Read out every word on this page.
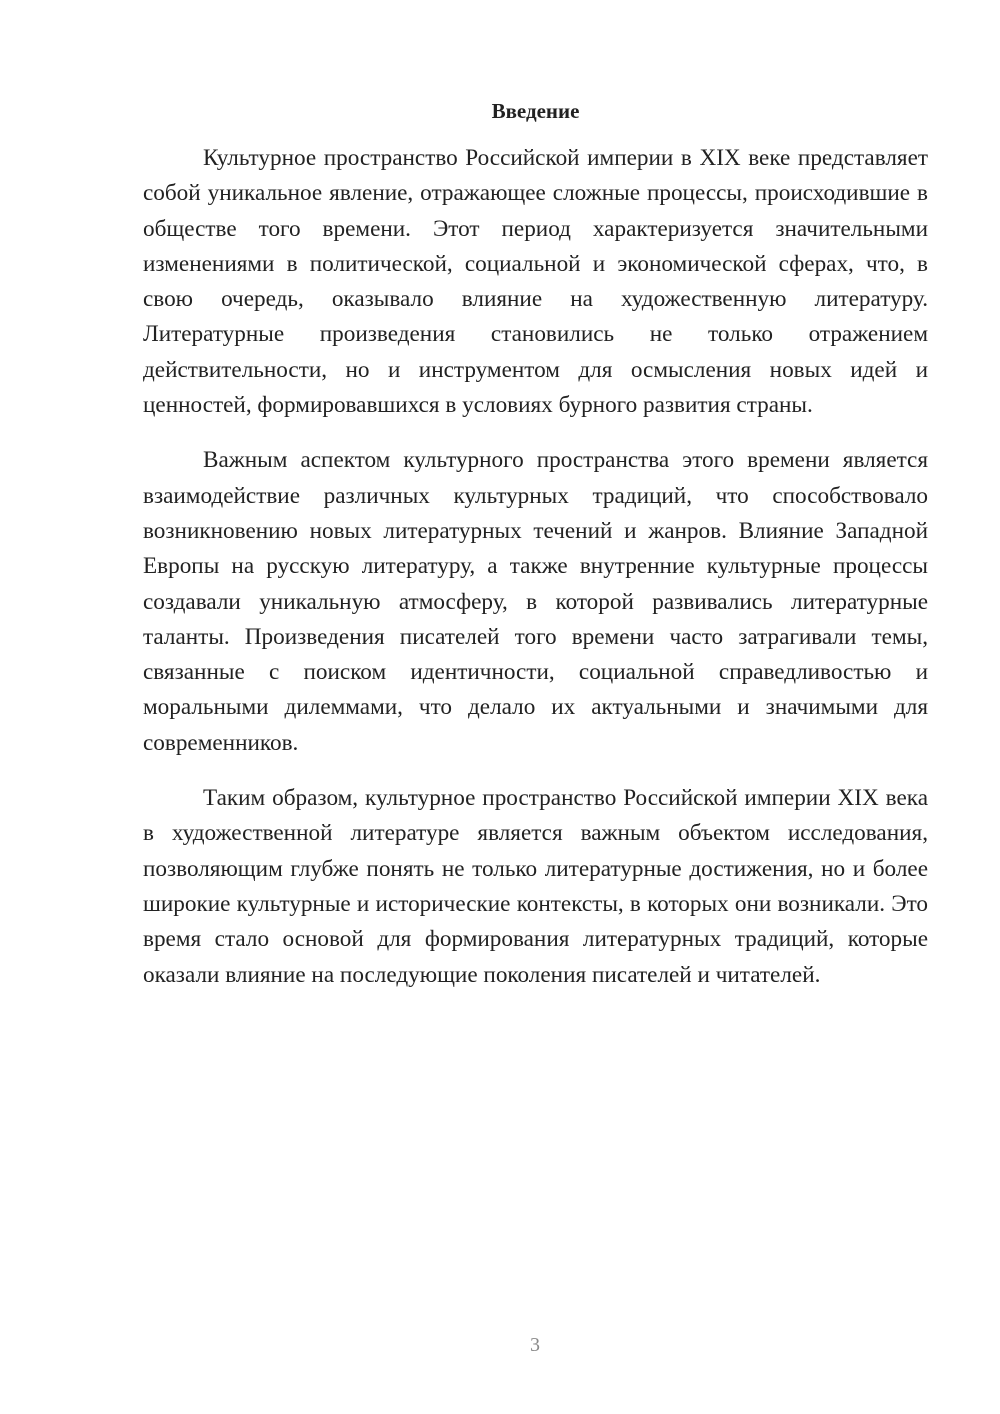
Введение

Культурное пространство Российской империи в XIX веке представляет собой уникальное явление, отражающее сложные процессы, происходившие в обществе того времени. Этот период характеризуется значительными изменениями в политической, социальной и экономической сферах, что, в свою очередь, оказывало влияние на художественную литературу. Литературные произведения становились не только отражением действительности, но и инструментом для осмысления новых идей и ценностей, формировавшихся в условиях бурного развития страны.

Важным аспектом культурного пространства этого времени является взаимодействие различных культурных традиций, что способствовало возникновению новых литературных течений и жанров. Влияние Западной Европы на русскую литературу, а также внутренние культурные процессы создавали уникальную атмосферу, в которой развивались литературные таланты. Произведения писателей того времени часто затрагивали темы, связанные с поиском идентичности, социальной справедливостью и моральными дилеммами, что делало их актуальными и значимыми для современников.

Таким образом, культурное пространство Российской империи XIX века в художественной литературе является важным объектом исследования, позволяющим глубже понять не только литературные достижения, но и более широкие культурные и исторические контексты, в которых они возникали. Это время стало основой для формирования литературных традиций, которые оказали влияние на последующие поколения писателей и читателей.

3
